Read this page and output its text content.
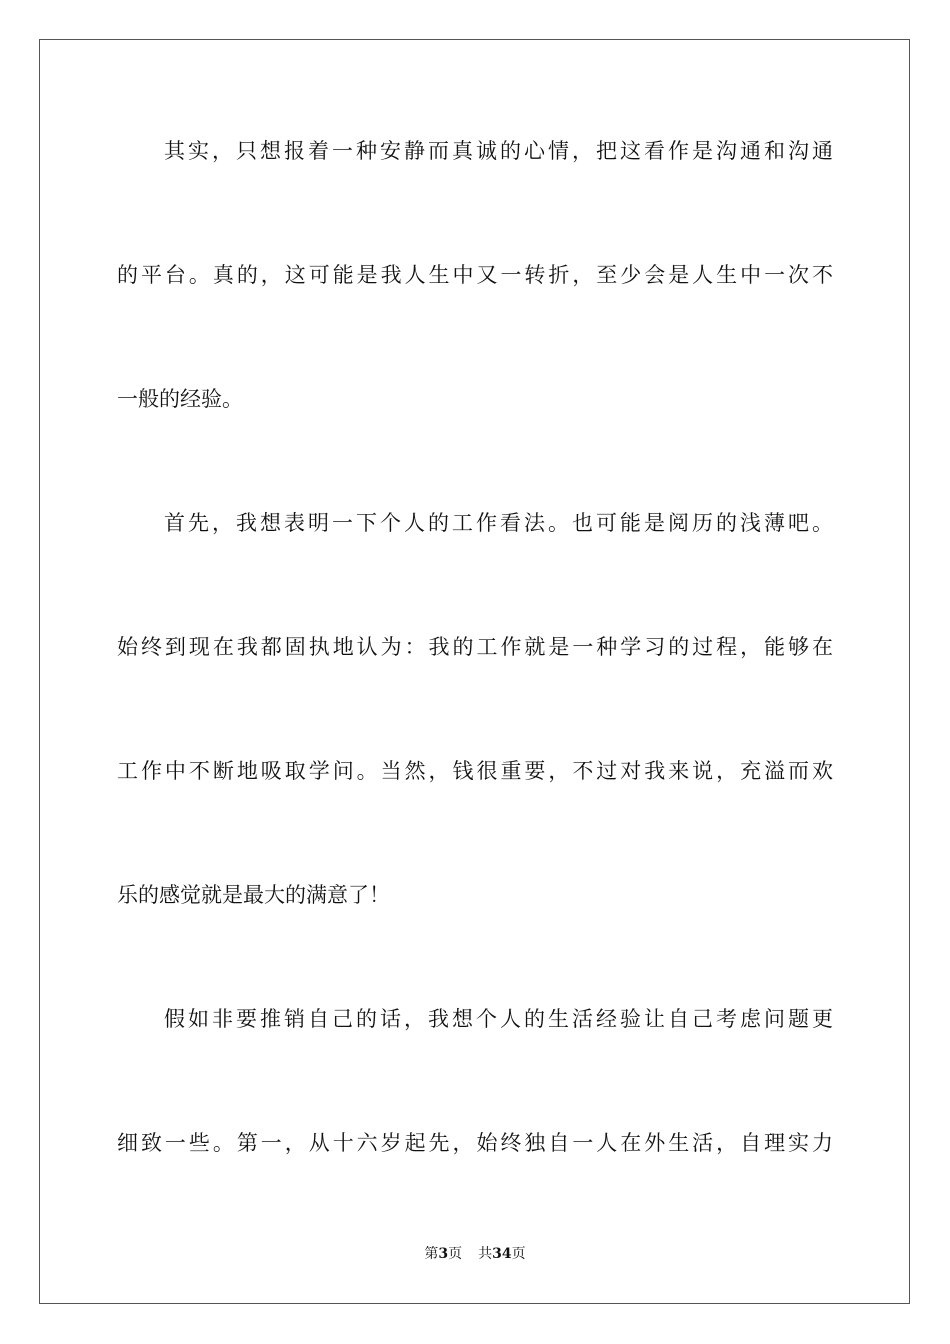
其实，只想报着一种安静而真诚的心情，把这看作是沟通和沟通
的平台。真的，这可能是我人生中又一转折，至少会是人生中一次不
一般的经验。
首先，我想表明一下个人的工作看法。也可能是阅历的浅薄吧。
始终到现在我都固执地认为：我的工作就是一种学习的过程，能够在
工作中不断地吸取学问。当然，钱很重要，不过对我来说，充溢而欢
乐的感觉就是最大的满意了！
假如非要推销自己的话，我想个人的生活经验让自己考虑问题更
细致一些。第一，从十六岁起先，始终独自一人在外生活，自理实力
第3页 共34页
